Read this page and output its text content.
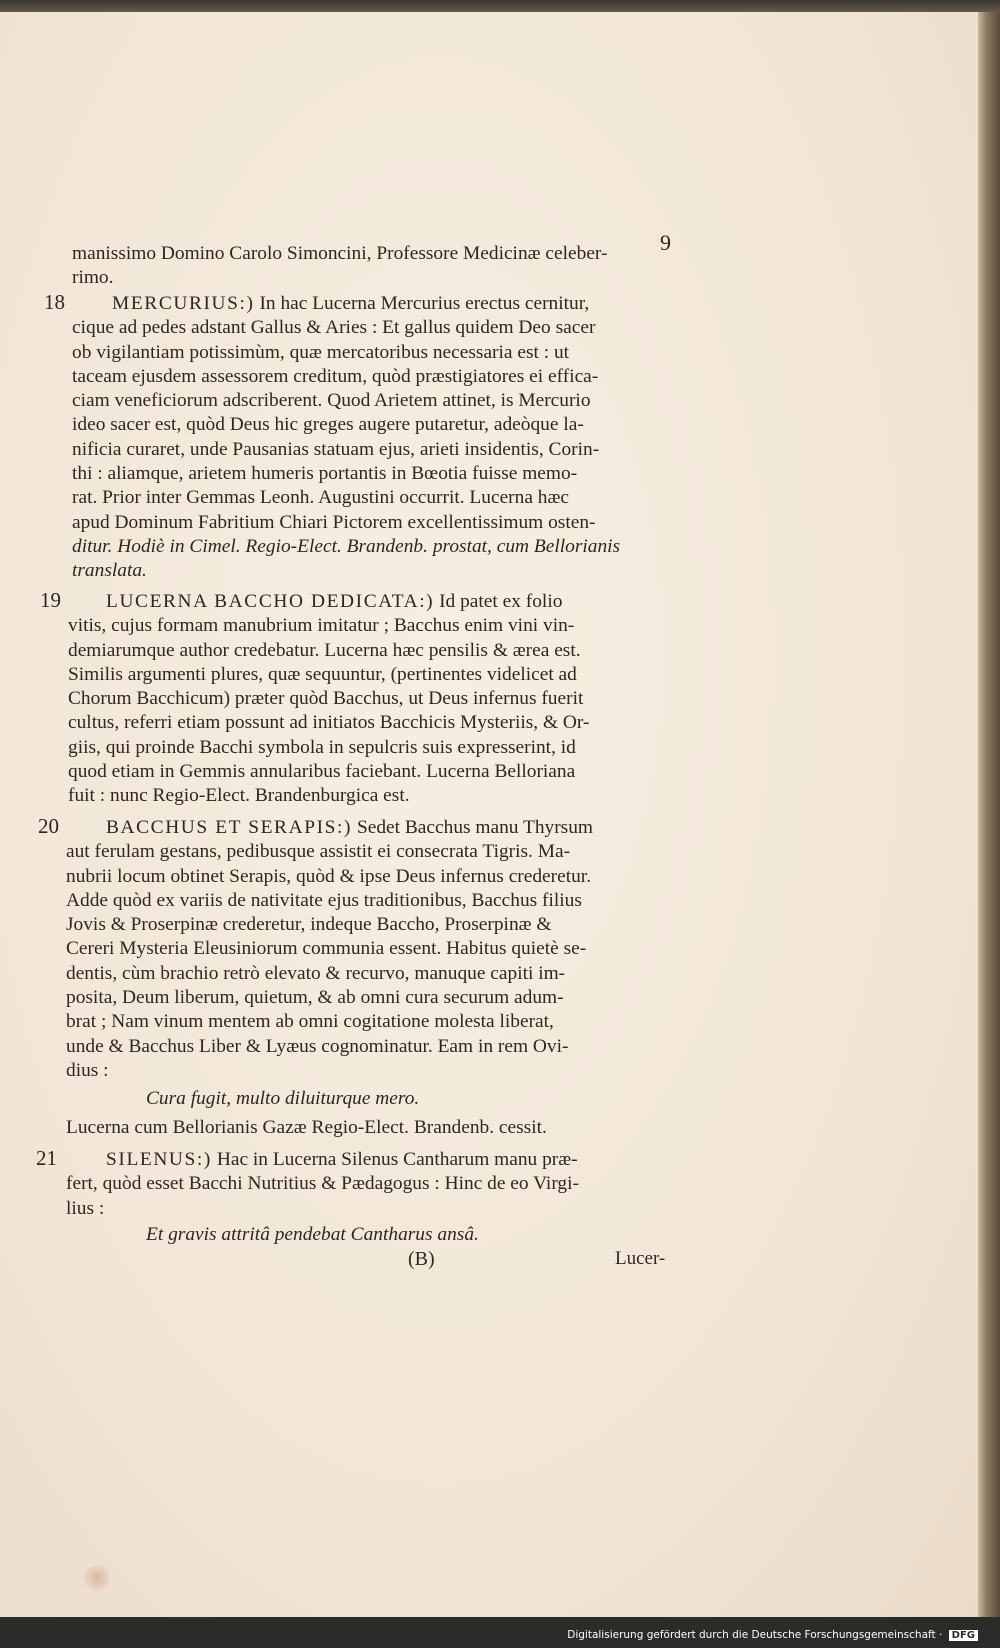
9
manissimo Domino Carolo Simoncini, Professore Medicinæ celeber-
rimo.
18	MERCURIUS:) In hac Lucerna Mercurius erectus cernitur,
cique ad pedes adstant Gallus & Aries : Et gallus quidem Deo sacer
ob vigilantiam potissimùm, quæ mercatoribus necessaria est : ut
taceam ejusdem assessorem creditum, quòd præstigiatores ei effica-
ciam veneficiorum adscriberent. Quod Arietem attinet, is Mercurio
ideo sacer est, quòd Deus hic greges augere putaretur, adeòque la-
nificia curaret, unde Pausanias statuam ejus, arieti insidentis, Corin-
thi : aliamque, arietem humeris portantis in Bœotia fuisse memo-
rat. Prior inter Gemmas Leonh. Augustini occurrit. Lucerna hæc
apud Dominum Fabritium Chiari Pictorem excellentissimum osten-
ditur. Hodiè in Cimel. Regio-Elect. Brandenb. prostat, cum Bellorianis
translata.
19	LUCERNA BACCHO DEDICATA:) Id patet ex folio
vitis, cujus formam manubrium imitatur ; Bacchus enim vini vin-
demiarumque author credebatur. Lucerna hæc pensilis & ærea est.
Similis argumenti plures, quæ sequuntur, (pertinentes videlicet ad
Chorum Bacchicum) præter quòd Bacchus, ut Deus infernus fuerit
cultus, referri etiam possunt ad initiatos Bacchicis Mysteriis, & Or-
giis, qui proinde Bacchi symbola in sepulcris suis expresserint, id
quod etiam in Gemmis annularibus faciebant. Lucerna Belloriana
fuit : nunc Regio-Elect. Brandenburgica est.
20	BACCHUS ET SERAPIS:) Sedet Bacchus manu Thyrsum
aut ferulam gestans, pedibusque assistit ei consecrata Tigris. Ma-
nubrii locum obtinet Serapis, quòd & ipse Deus infernus crederetur.
Adde quòd ex variis de nativitate ejus traditionibus, Bacchus filius
Jovis & Proserpinæ crederetur, indeque Baccho, Proserpinæ &
Cereri Mysteria Eleusiniorum communia essent. Habitus quietè se-
dentis, cùm brachio retrò elevato & recurvo, manuque capiti im-
posita, Deum liberum, quietum, & ab omni cura securum adum-
brat ; Nam vinum mentem ab omni cogitatione molesta liberat,
unde & Bacchus Liber & Lyæus cognominatur. Eam in rem Ovi-
dius :
Cura fugit, multo diluiturque mero.
Lucerna cum Bellorianis Gazæ Regio-Elect. Brandenb. cessit.
21	SILENUS:) Hac in Lucerna Silenus Cantharum manu præ-
fert, quòd esset Bacchi Nutritius & Pædagogus : Hinc de eo Virgi-
lius :
Et gravis attritâ pendebat Cantharus ansâ.
(B)	Lucer-
Digitalisierung gefördert durch die Deutsche Forschungsgemeinschaft · DFG
